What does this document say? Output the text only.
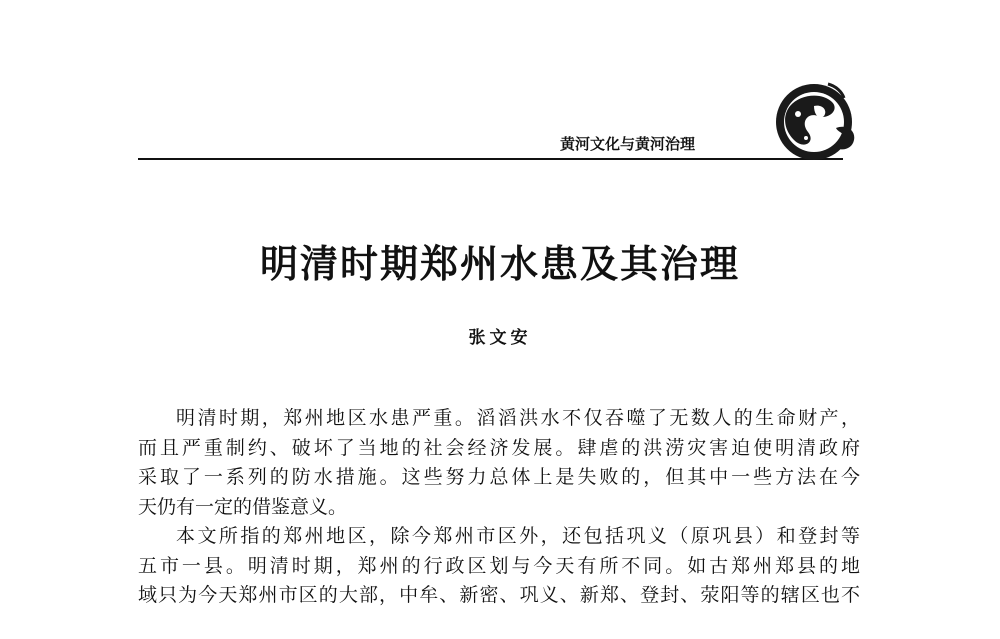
黄河文化与黄河治理
明清时期郑州水患及其治理
张文安
明清时期，郑州地区水患严重。滔滔洪水不仅吞噬了无数人的生命财产，
而且严重制约、破坏了当地的社会经济发展。肆虐的洪涝灾害迫使明清政府
采取了一系列的防水措施。这些努力总体上是失败的，但其中一些方法在今
天仍有一定的借鉴意义。
本文所指的郑州地区，除今郑州市区外，还包括巩义（原巩县）和登封等
五市一县。明清时期，郑州的行政区划与今天有所不同。如古郑州郑县的地
域只为今天郑州市区的大部，中牟、新密、巩义、新郑、登封、荥阳等的辖区也不
